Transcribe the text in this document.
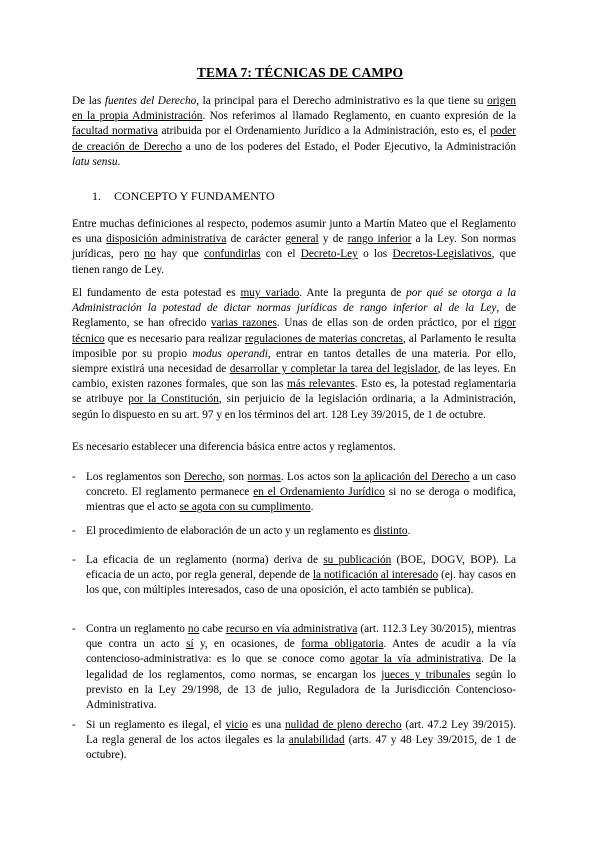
TEMA 7: TÉCNICAS DE CAMPO
De las fuentes del Derecho, la principal para el Derecho administrativo es la que tiene su origen en la propia Administración. Nos referimos al llamado Reglamento, en cuanto expresión de la facultad normativa atribuida por el Ordenamiento Jurídico a la Administración, esto es, el poder de creación de Derecho a uno de los poderes del Estado, el Poder Ejecutivo, la Administración latu sensu.
1. CONCEPTO Y FUNDAMENTO
Entre muchas definiciones al respecto, podemos asumir junto a Martín Mateo que el Reglamento es una disposición administrativa de carácter general y de rango inferior a la Ley. Son normas jurídicas, pero no hay que confundirlas con el Decreto-Ley o los Decretos-Legislativos, que tienen rango de Ley.
El fundamento de esta potestad es muy variado. Ante la pregunta de por qué se otorga a la Administración la potestad de dictar normas jurídicas de rango inferior al de la Ley, de Reglamento, se han ofrecido varias razones. Unas de ellas son de orden práctico, por el rigor técnico que es necesario para realizar regulaciones de materias concretas, al Parlamento le resulta imposible por su propio modus operandi, entrar en tantos detalles de una materia. Por ello, siempre existirá una necesidad de desarrollar y completar la tarea del legislador, de las leyes. En cambio, existen razones formales, que son las más relevantes. Esto es, la potestad reglamentaria se atribuye por la Constitución, sin perjuicio de la legislación ordinaria, a la Administración, según lo dispuesto en su art. 97 y en los términos del art. 128 Ley 39/2015, de 1 de octubre.
Es necesario establecer una diferencia básica entre actos y reglamentos.
- Los reglamentos son Derecho, son normas. Los actos son la aplicación del Derecho a un caso concreto. El reglamento permanece en el Ordenamiento Jurídico si no se deroga o modifica, mientras que el acto se agota con su cumplimento.
- El procedimiento de elaboración de un acto y un reglamento es distinto.
- La eficacia de un reglamento (norma) deriva de su publicación (BOE, DOGV, BOP). La eficacia de un acto, por regla general, depende de la notificación al interesado (ej. hay casos en los que, con múltiples interesados, caso de una oposición, el acto también se publica).
- Contra un reglamento no cabe recurso en vía administrativa (art. 112.3 Ley 30/2015), mientras que contra un acto sí y, en ocasiones, de forma obligatoria. Antes de acudir a la vía contencioso-administrativa: es lo que se conoce como agotar la vía administrativa. De la legalidad de los reglamentos, como normas, se encargan los jueces y tribunales según lo previsto en la Ley 29/1998, de 13 de julio, Reguladora de la Jurisdicción Contencioso-Administrativa.
- Si un reglamento es ilegal, el vicio es una nulidad de pleno derecho (art. 47.2 Ley 39/2015). La regla general de los actos ilegales es la anulabilidad (arts. 47 y 48 Ley 39/2015, de 1 de octubre).
